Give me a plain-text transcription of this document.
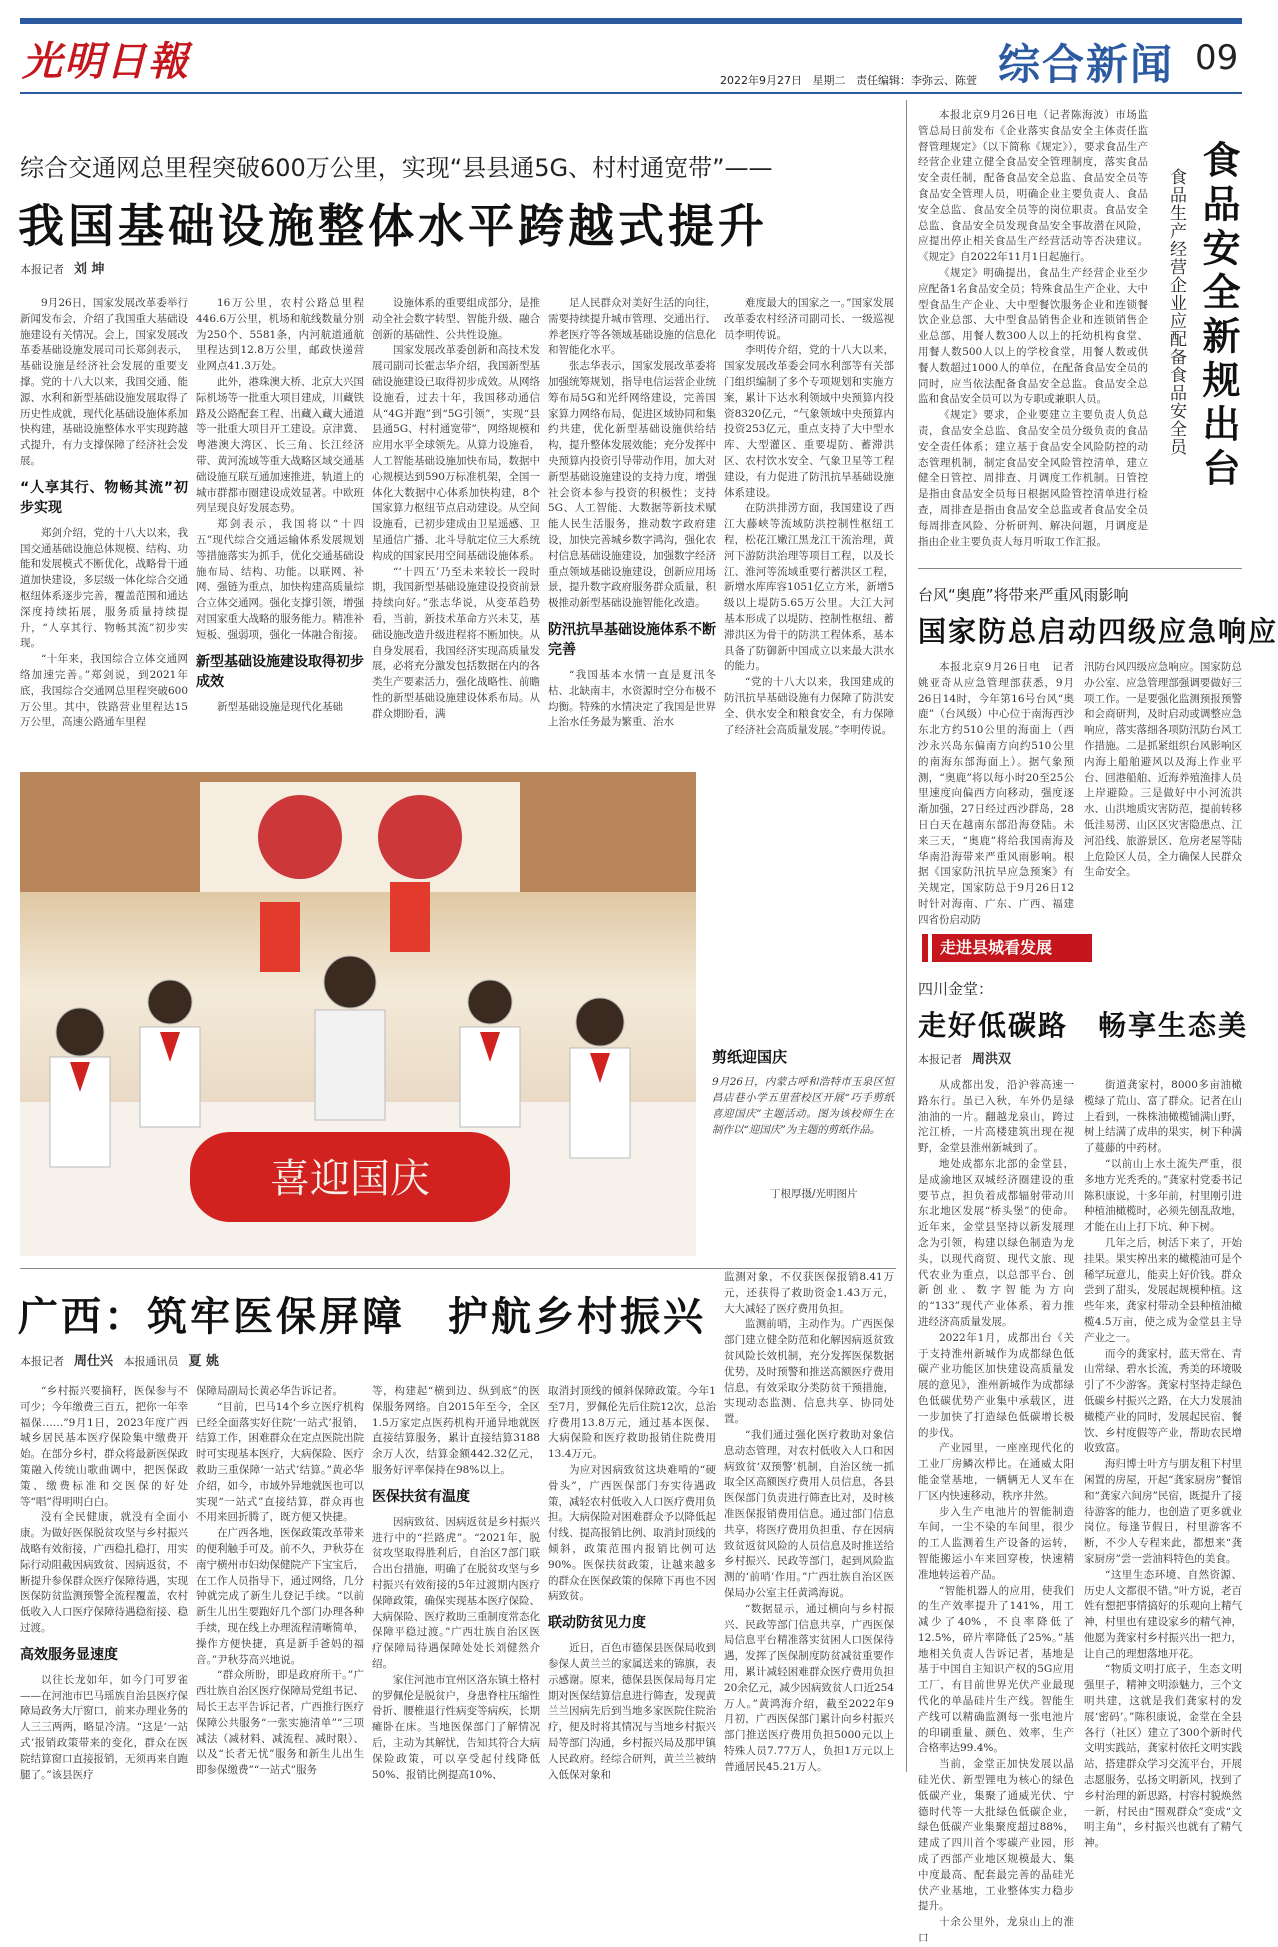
光明日報	2022年9月27日 星期二 责任编辑：李弥云、陈萱 综合新闻 09
综合交通网总里程突破600万公里，实现“县县通5G、村村通宽带”——
我国基础设施整体水平跨越式提升
本报记者 刘 坤

9月26日，国家发展改革委举行新闻发布会，介绍了我国重大基础设施建设有关情况。会上，国家发展改革委基础设施发展司司长郑剑表示，基础设施是经济社会发展的重要支撑。党的十八大以来，我国交通、能源、水利和新型基础设施发展取得了历史性成就，现代化基础设施体系加快构建，基础设施整体水平实现跨越式提升，有力支撑保障了经济社会发展。

“人享其行、物畅其流”初步实现

郑剑介绍，党的十八大以来，我国交通基础设施总体规模、结构、功能和发展模式不断优化，战略骨干通道加快建设，多层级一体化综合交通枢纽体系逐步完善，覆盖范围和通达深度持续拓展，服务质量持续提升，“人享其行、物畅其流”初步实现。

“十年来，我国综合立体交通网络加速完善。”郑剑说，到2021年底，我国综合交通网总里程突破600万公里。其中，铁路营业里程达15万公里，高速公路通车里程

16万公里，农村公路总里程446.6万公里，机场和航线数量分别为250个、5581条，内河航道通航里程达到12.8万公里，邮政快递营业网点41.3万处。

此外，港珠澳大桥、北京大兴国际机场等一批重大项目建成，川藏铁路及公路配套工程、出藏入藏大通道等一批重大项目开工建设。京津冀、粤港澳大湾区、长三角、长江经济带、黄河流域等重大战略区域交通基础设施互联互通加速推进，轨道上的城市群都市圈建设成效显著。中欧班列呈现良好发展态势。

郑剑表示，我国将以“十四五”现代综合交通运输体系发展规划等措施落实为抓手，优化交通基础设施布局、结构、功能。以联网、补网、强链为重点，加快构建高质量综合立体交通网。强化支撑引领，增强对国家重大战略的服务能力。精准补短板、强弱项，强化一体融合衔接。

新型基础设施建设取得初步成效

新型基础设施是现代化基础

设施体系的重要组成部分，是推动全社会数字转型、智能升级、融合创新的基础性、公共性设施。

国家发展改革委创新和高技术发展司副司长霍志华介绍，我国新型基础设施建设已取得初步成效。从网络设施看，过去十年，我国移动通信从“4G并跑”到“5G引领”，实现“县县通5G、村村通宽带”，网络规模和应用水平全球领先。从算力设施看，人工智能基础设施加快布局，数据中心规模达到590万标准机架，全国一体化大数据中心体系加快构建，8个国家算力枢纽节点启动建设。从空间设施看，已初步建成由卫星遥感、卫星通信广播、北斗导航定位三大系统构成的国家民用空间基础设施体系。

“‘十四五’乃至未来较长一段时期，我国新型基础设施建设投资前景持续向好。”张志华说，从变革趋势看，当前，新技术革命方兴未艾，基础设施改造升级进程将不断加快。从自身发展看，我国经济实现高质量发展，必将充分激发包括数据在内的各类生产要素活力，强化战略性、前瞻性的新型基础设施建设体系布局。从群众期盼看，满

足人民群众对美好生活的向往，需要持续提升城市管理、交通出行、养老医疗等各领域基础设施的信息化和智能化水平。

张志华表示，国家发展改革委将加强统筹规划，指导电信运营企业统筹布局5G和光纤网络建设，完善国家算力网络布局，促进区域协同和集约共建，优化新型基础设施供给结构，提升整体发展效能；充分发挥中央预算内投资引导带动作用，加大对新型基础设施建设的支持力度，增强社会资本参与投资的积极性；支持5G、人工智能、大数据等新技术赋能人民生活服务，推动数字政府建设，加快完善城乡数字鸿沟，强化农村信息基础设施建设，加强数字经济重点领域基础设施建设，创新应用场景，提升数字政府服务群众质量，积极推动新型基础设施智能化改造。

防汛抗旱基础设施体系不断完善

“我国基本水情一直是夏汛冬枯、北缺南丰，水资源时空分布极不均衡。特殊的水情决定了我国是世界上治水任务最为繁重、治水

难度最大的国家之一。”国家发展改革委农村经济司副司长、一级巡视员李明传说。

李明传介绍，党的十八大以来，国家发展改革委会同水利部等有关部门组织编制了多个专项规划和实施方案，累计下达水利领域中央预算内投资8320亿元，“气象领域中央预算内投资253亿元，重点支持了大中型水库、大型灌区、重要堤防、蓄滞洪区、农村饮水安全、气象卫星等工程建设，有力促进了防汛抗旱基础设施体系建设。

在防洪排涝方面，我国建设了西江大藤峡等流域防洪控制性枢纽工程，松花江嫩江黑龙江干流治理，黄河下游防洪治理等项目工程，以及长江、淮河等流域重要行蓄洪区工程，新增水库库容1051亿立方米，新增5级以上堤防5.65万公里。大江大河基本形成了以堤防、控制性枢纽、蓄滞洪区为骨干的防洪工程体系，基本具备了防御新中国成立以来最大洪水的能力。

“党的十八大以来，我国建成的防汛抗旱基础设施有力保障了防洪安全、供水安全和粮食安全，有力保障了经济社会高质量发展。”李明传说。

本报北京9月26日电（记者陈海波）市场监管总局日前发布《企业落实食品安全主体责任监督管理规定》（以下简称《规定》），要求食品生产经营企业建立健全食品安全管理制度，落实食品安全责任制，配备食品安全总监、食品安全员等食品安全管理人员，明确企业主要负责人、食品安全总监、食品安全员等的岗位职责。食品安全总监、食品安全员发现食品安全事故潜在风险，应提出停止相关食品生产经营活动等否决建议。《规定》自2022年11月1日起施行。

《规定》明确提出，食品生产经营企业至少应配备1名食品安全员；特殊食品生产企业、大中型食品生产企业、大中型餐饮服务企业和连锁餐饮企业总部、大中型食品销售企业和连锁销售企业总部、用餐人数300人以上的托幼机构食堂、用餐人数500人以上的学校食堂，用餐人数或供餐人数超过1000人的单位，在配备食品安全员的同时，应当依法配备食品安全总监。食品安全总监和食品安全员可以为专职或兼职人员。

《规定》要求，企业要建立主要负责人负总责，食品安全总监、食品安全员分级负责的食品安全责任体系；建立基于食品安全风险防控的动态管理机制，制定食品安全风险管控清单，建立健全日管控、周排查、月调度工作机制。日管控是指由食品安全员每日根据风险管控清单进行检查，周排查是指由食品安全总监或者食品安全员每周排查风险、分析研判、解决问题，月调度是指由企业主要负责人每月听取工作汇报。

食品安全新规出台
食品生产经营企业应配备食品安全员
台风“奥鹿”将带来严重风雨影响
国家防总启动四级应急响应

本报北京9月26日电　记者姚亚奇从应急管理部获悉，9月26日14时，今年第16号台风“奥鹿”（台风级）中心位于南海西沙东北方约510公里的海面上（西沙永兴岛东偏南方向约510公里的南海东部海面上）。据气象预测，“奥鹿”将以每小时20至25公里速度向偏西方向移动，强度逐渐加强，27日经过西沙群岛，28日白天在越南东部沿海登陆。未来三天，“奥鹿”将给我国南海及华南沿海带来严重风雨影响。根据《国家防汛抗旱应急预案》有关规定，国家防总于9月26日12时针对海南、广东、广西、福建四省份启动防

汛防台风四级应急响应。国家防总办公室、应急管理部强调要做好三项工作。一是要强化监测预报预警和会商研判，及时启动或调整应急响应，落实落细各项防汛防台风工作措施。二是抓紧组织台风影响区内海上船舶避风以及海上作业平台、回港船舶、近海养殖渔排人员上岸避险。三是做好中小河流洪水、山洪地质灾害防范，提前转移低洼易涝、山区区灾害隐患点、江河沿线、旅游景区、危房老屋等陆上危险区人员，全力确保人民群众生命安全。

喜迎国庆
剪纸迎国庆
9月26日，内蒙古呼和浩特市玉泉区恒昌店巷小学五里营校区开展“巧手剪纸喜迎国庆”主题活动。图为该校师生在制作以“迎国庆”为主题的剪纸作品。
丁根厚摄/光明图片
走进县城看发展
四川金堂：
走好低碳路　畅享生态美
本报记者 周洪双

从成都出发，沿沪蓉高速一路东行。虽已入秋，车外仍是绿油油的一片。翻越龙泉山，跨过沱江桥，一片高楼建筑出现在视野，金堂县淮州新城到了。

地处成都东北部的金堂县，是成渝地区双城经济圈建设的重要节点，担负着成都辐射带动川东北地区发展“桥头堡”的使命。近年来，金堂县坚持以新发展理念为引领，构建以绿色制造为龙头，以现代商贸、现代文旅、现代农业为重点，以总部平台、创新创业、数字智能为方向的“133”现代产业体系，着力推进经济高质量发展。

2022年1月，成都出台《关于支持淮州新城作为成都绿色低碳产业功能区加快建设高质量发展的意见》，淮州新城作为成都绿色低碳优势产业集中承载区，进一步加快了打造绿色低碳增长极的步伐。

产业园里，一座座现代化的工业厂房鳞次栉比。在通威太阳能金堂基地，一辆辆无人叉车在厂区内快速移动，秩序井然。

步入生产电池片的智能制造车间，一尘不染的车间里，很少的工人监测着生产设备的运转，智能搬运小车来回穿梭，快速精准地转运着产品。

“智能机器人的应用，使我们的生产效率提升了141%，用工减少了40%，不良率降低了12.5%，碎片率降低了25%。”基地相关负责人告诉记者，基地是基于中国自主知识产权的5G应用工厂，有目前世界光伏产业最现代化的单晶硅片生产线。智能生产线可以精确监测每一张电池片的印刷重量、颜色、效率，生产合格率达99.4%。

当前，金堂正加快发展以晶硅光伏、新型锂电为核心的绿色低碳产业，集聚了通威光伏、宁德时代等一大批绿色低碳企业，绿色低碳产业集聚度超过88%，建成了四川首个零碳产业园，形成了西部产业地区规模最大、集中度最高、配套最完善的晶硅光伏产业基地，工业整体实力稳步提升。

十余公里外，龙泉山上的淮口

街道龚家村，8000多亩油橄榄绿了荒山、富了群众。记者在山上看到，一株株油橄榄铺满山野，树上结满了成串的果实，树下种满了蔓藤的中药材。

“以前山上水土流失严重，很多地方光秃秃的。”龚家村党委书记陈积康说，十多年前，村里刚引进种植油橄榄时，必须先刨乱敌地，才能在山上打下坑、种下树。

几年之后，树活下来了，开始挂果。果实榨出来的橄榄油可是个稀罕玩意儿，能卖上好价钱。群众尝到了甜头，发展起规模种植。这些年来，龚家村带动全县种植油橄榄4.5万亩，使之成为金堂县主导产业之一。

而今的龚家村，蓝天常在、青山常绿、碧水长流，秀美的环境吸引了不少游客。龚家村坚持走绿色低碳乡村振兴之路，在大力发展油橄榄产业的同时，发展起民宿、餐饮、乡村度假等产业，帮助农民增收致富。

海归博士叶方与朋友租下村里闲置的房屋，开起“龚家厨房”餐馆和“龚家六间房”民宿，既提升了接待游客的能力，也创造了更多就业岗位。每逢节假日，村里游客不断，不少人专程来此，都想来“龚家厨房”尝一尝油料特色的美食。

“这里生态环境、自然资源、历史人文都很不错。”叶方说，老百姓有想把事情搞好的乐观向上精气神，村里也有建设家乡的精气神，他愿为龚家村乡村振兴出一把力，让自己的理想落地开花。

“物质文明打底子，生态文明强里子，精神文明添魅力，三个文明共建，这就是我们龚家村的发展‘密码’。”陈积康说，金堂在全县各行（社区）建立了300个新时代文明实践站，龚家村依托文明实践站，搭建群众学习交流平台，开展志愿服务，弘扬文明新风，找到了乡村治理的新思路，村容村貌焕然一新，村民由“围观群众”变成“文明主角”，乡村振兴也就有了精气神。

广西：筑牢医保屏障　护航乡村振兴
本报记者 周仕兴 本报通讯员 夏 姚

“乡村振兴要摘籽，医保参与不可少；今年缴费三百五，把你一年幸福保……”9月1日，2023年度广西城乡居民基本医疗保险集中缴费开始。在部分乡村，群众将最新医保政策融入传统山歌曲调中，把医保政策、缴费标准和交医保的好处等“唱”得明明白白。

没有全民健康，就没有全面小康。为做好医保脱贫攻坚与乡村振兴战略有效衔接，广西稳扎稳打，用实际行动阻截因病致贫、因病返贫，不断提升参保群众医疗保障待遇，实现医保防贫监测预警全流程覆盖，农村低收入人口医疗保障待遇稳衔接、稳过渡。

高效服务显速度

以往长龙如年，如今门可罗雀——在河池市巴马瑶族自治县医疗保障局政务大厅窗口，前来办理业务的人三三两两，略显冷清。“这是‘一站式’报销政策带来的变化，群众在医院结算窗口直接报销，无须再来自跑腿了。”该县医疗

保障局副局长黄必华告诉记者。

“目前，巴马14个乡立医疗机构已经全面落实好住院‘一站式’报销，结算工作，困难群众在定点医院出院时可实现基本医疗，大病保险、医疗救助三重保障‘一站式’结算。”黄必华介绍，如今，市域外异地就医也可以实现“一站式”直接结算，群众再也不用来回折腾了，既方便又快捷。

在广西各地，医保政策改革带来的便利触手可及。前不久，尹秋芬在南宁横州市妇幼保健院产下宝宝后，在工作人员指导下，通过网络，几分钟就完成了新生儿登记手续。“以前新生儿出生要跑好几个部门办理各种手续，现在线上办理流程清晰简单，操作方便快捷，真是新手爸妈的福音。”尹秋芬高兴地说。

“群众所盼，即是政府所干。”广西壮族自治区医疗保障局党组书记、局长王志平告诉记者，广西推行医疗保障公共服务“一张实施清单”“三项减法（减材料、减流程、减时限）、以及“长者无忧”服务和新生儿出生即参保缴费”“一站式”服务

等，构建起“横到边、纵到底”的医保服务网络。自2015年至今，全区1.5万家定点医药机构开通异地就医直接结算服务，累计直接结算3188余万人次，结算金额442.32亿元，服务好评率保持在98%以上。

医保扶贫有温度

因病致贫、因病返贫是乡村振兴进行中的“拦路虎”。“2021年，脱贫攻坚取得胜利后，自治区7部门联合出台措施，明确了在脱贫攻坚与乡村振兴有效衔接的5年过渡期内医疗保障政策，确保实现基本医疗保险、大病保险、医疗救助三重制度常态化保障平稳过渡。”广西壮族自治区医疗保障局待遇保障处处长刘健然介绍。

家住河池市宜州区洛东镇土格村的罗佩伦是脱贫户，身患脊柱压缩性骨折、腰椎退行性病变等病疾，长期瘫卧在床。当地医保部门了解情况后，主动为其解忧，告知其符合大病保险政策，可以享受起付线降低50%、报销比例提高10%、

取消封顶线的倾斜保障政策。今年1至7月，罗佩伦先后住院12次，总治疗费用13.8万元，通过基本医保、大病保险和医疗救助报销住院费用13.4万元。

为应对因病致贫这块难啃的“硬骨头”，广西医保部门夯实待遇政策，减轻农村低收入人口医疗费用负担。大病保险对困难群众予以降低起付线、提高报销比例、取消封顶线的倾斜，政策范围内报销比例可达90%。医保扶贫政策，让越来越多的群众在医保政策的保障下再也不因病致贫。

联动防贫见力度

近日，百色市德保县医保局收到参保人黄兰兰的家属送来的锦旗，表示感谢。原来，德保县医保局每月定期对医保结算信息进行筛查，发现黄兰兰因病先后到当地多家医院住院治疗，便及时将其情况与当地乡村振兴局等部门沟通，乡村振兴局及那甲镇人民政府。经综合研判，黄兰兰被纳入低保对象和

监测对象，不仅获医保报销8.41万元，还获得了救助资金1.43万元，大大减轻了医疗费用负担。

监测前哨，主动作为。广西医保部门建立健全防范和化解因病返贫致贫风险长效机制，充分发挥医保数据优势，及时预警和推送高额医疗费用信息，有效采取分类防贫干预措施，实现动态监测、信息共享、协同处置。

“我们通过强化医疗救助对象信息动态管理，对农村低收入人口和因病致贫‘双预警’机制，自治区统一抓取全区高额医疗费用人员信息，各县医保部门负责进行筛查比对，及时核准医保报销费用信息。通过部门信息共享，将医疗费用负担重、存在因病致贫返贫风险的人员信息及时推送给乡村振兴、民政等部门，起到风险监测的‘前哨’作用。”广西壮族自治区医保局办公室主任黄鸿海说。

“数据显示，通过横向与乡村振兴、民政等部门信息共享，广西医保局信息平台精准落实贫困人口医保待遇，发挥了医保制度防贫减贫重要作用，累计减轻困难群众医疗费用负担20余亿元，减少因病致贫人口近254万人。”黄鸿海介绍，截至2022年9月初，广西医保部门累计向乡村振兴部门推送医疗费用负担5000元以上特殊人员7.77万人，负担1万元以上普通居民45.21万人。
